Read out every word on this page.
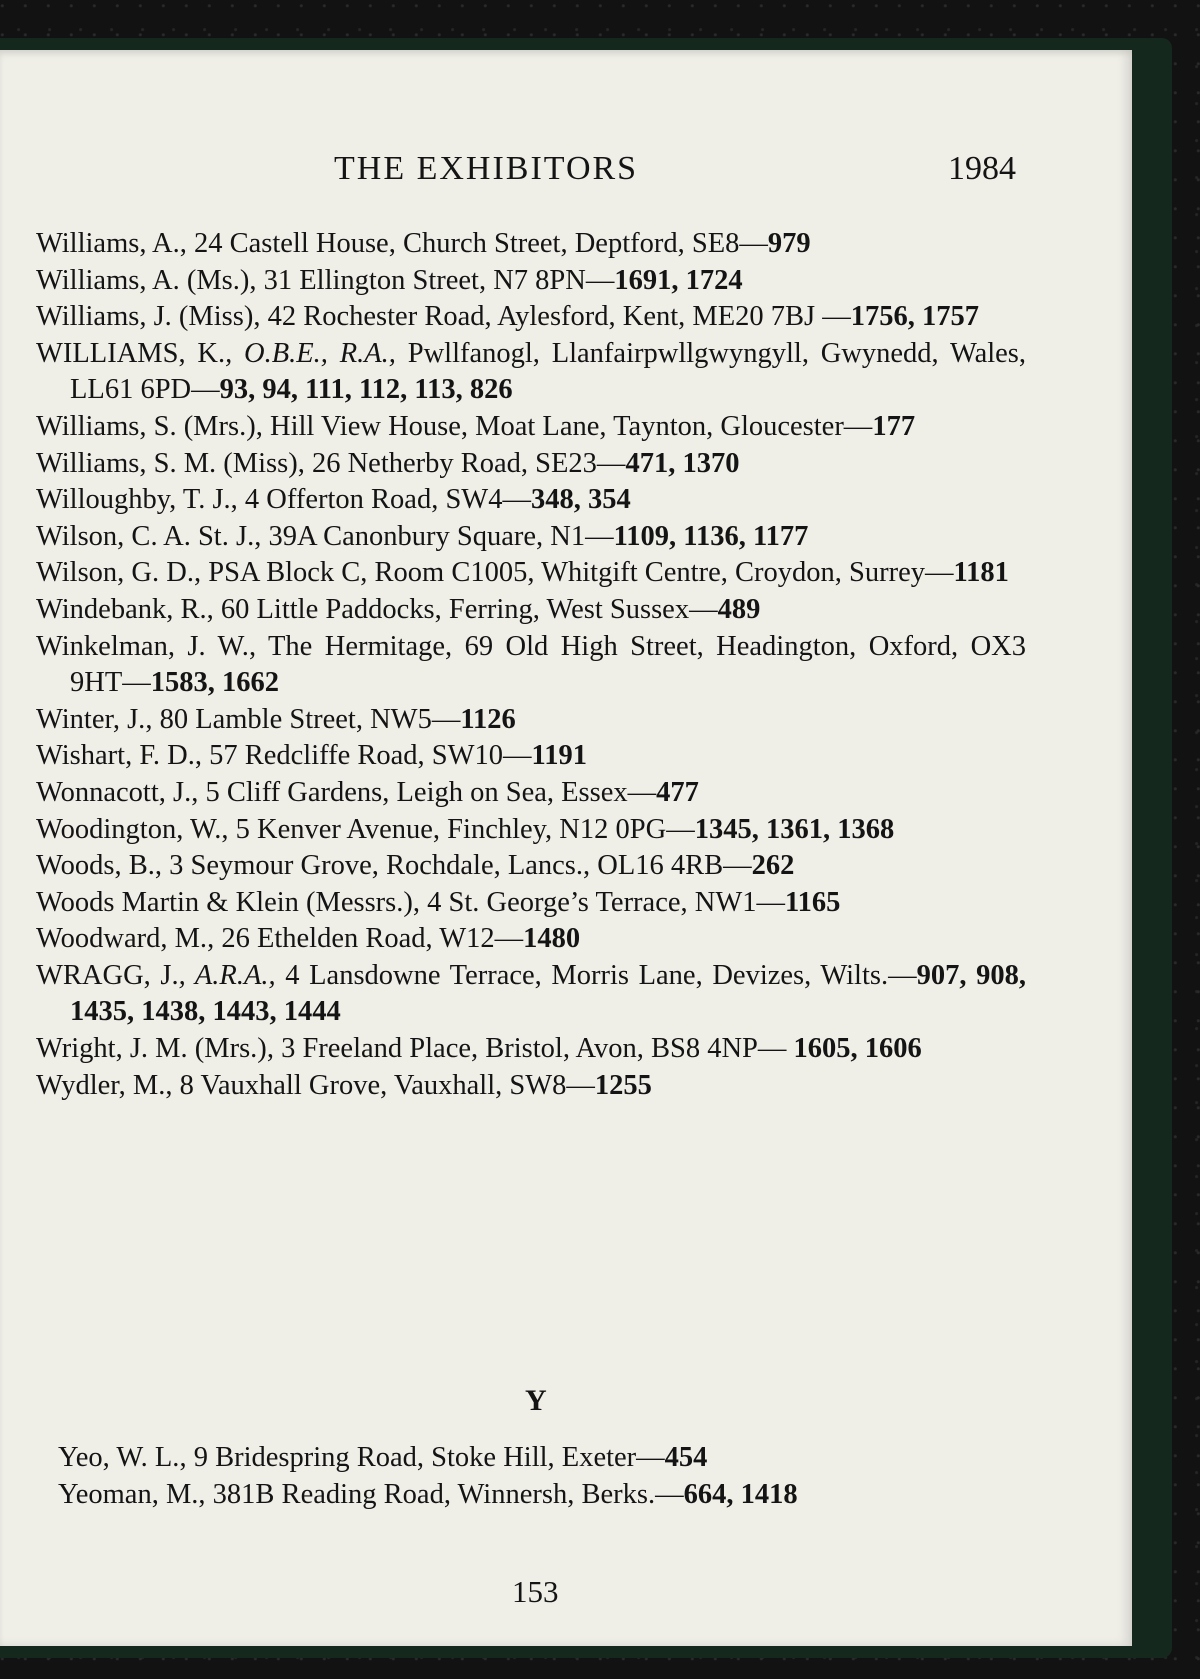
THE EXHIBITORS	1984
Williams, A., 24 Castell House, Church Street, Deptford, SE8—979
Williams, A. (Ms.), 31 Ellington Street, N7 8PN—1691, 1724
Williams, J. (Miss), 42 Rochester Road, Aylesford, Kent, ME20 7BJ —1756, 1757
WILLIAMS, K., O.B.E., R.A., Pwllfanogl, Llanfairpwllgwyngyll, Gwynedd, Wales, LL61 6PD—93, 94, 111, 112, 113, 826
Williams, S. (Mrs.), Hill View House, Moat Lane, Taynton, Gloucester—177
Williams, S. M. (Miss), 26 Netherby Road, SE23—471, 1370
Willoughby, T. J., 4 Offerton Road, SW4—348, 354
Wilson, C. A. St. J., 39A Canonbury Square, N1—1109, 1136, 1177
Wilson, G. D., PSA Block C, Room C1005, Whitgift Centre, Croydon, Surrey—1181
Windebank, R., 60 Little Paddocks, Ferring, West Sussex—489
Winkelman, J. W., The Hermitage, 69 Old High Street, Headington, Oxford, OX3 9HT—1583, 1662
Winter, J., 80 Lamble Street, NW5—1126
Wishart, F. D., 57 Redcliffe Road, SW10—1191
Wonnacott, J., 5 Cliff Gardens, Leigh on Sea, Essex—477
Woodington, W., 5 Kenver Avenue, Finchley, N12 0PG—1345, 1361, 1368
Woods, B., 3 Seymour Grove, Rochdale, Lancs., OL16 4RB—262
Woods Martin & Klein (Messrs.), 4 St. George’s Terrace, NW1—1165
Woodward, M., 26 Ethelden Road, W12—1480
WRAGG, J., A.R.A., 4 Lansdowne Terrace, Morris Lane, Devizes, Wilts.—907, 908, 1435, 1438, 1443, 1444
Wright, J. M. (Mrs.), 3 Freeland Place, Bristol, Avon, BS8 4NP— 1605, 1606
Wydler, M., 8 Vauxhall Grove, Vauxhall, SW8—1255
Y
Yeo, W. L., 9 Bridespring Road, Stoke Hill, Exeter—454
Yeoman, M., 381B Reading Road, Winnersh, Berks.—664, 1418
153
